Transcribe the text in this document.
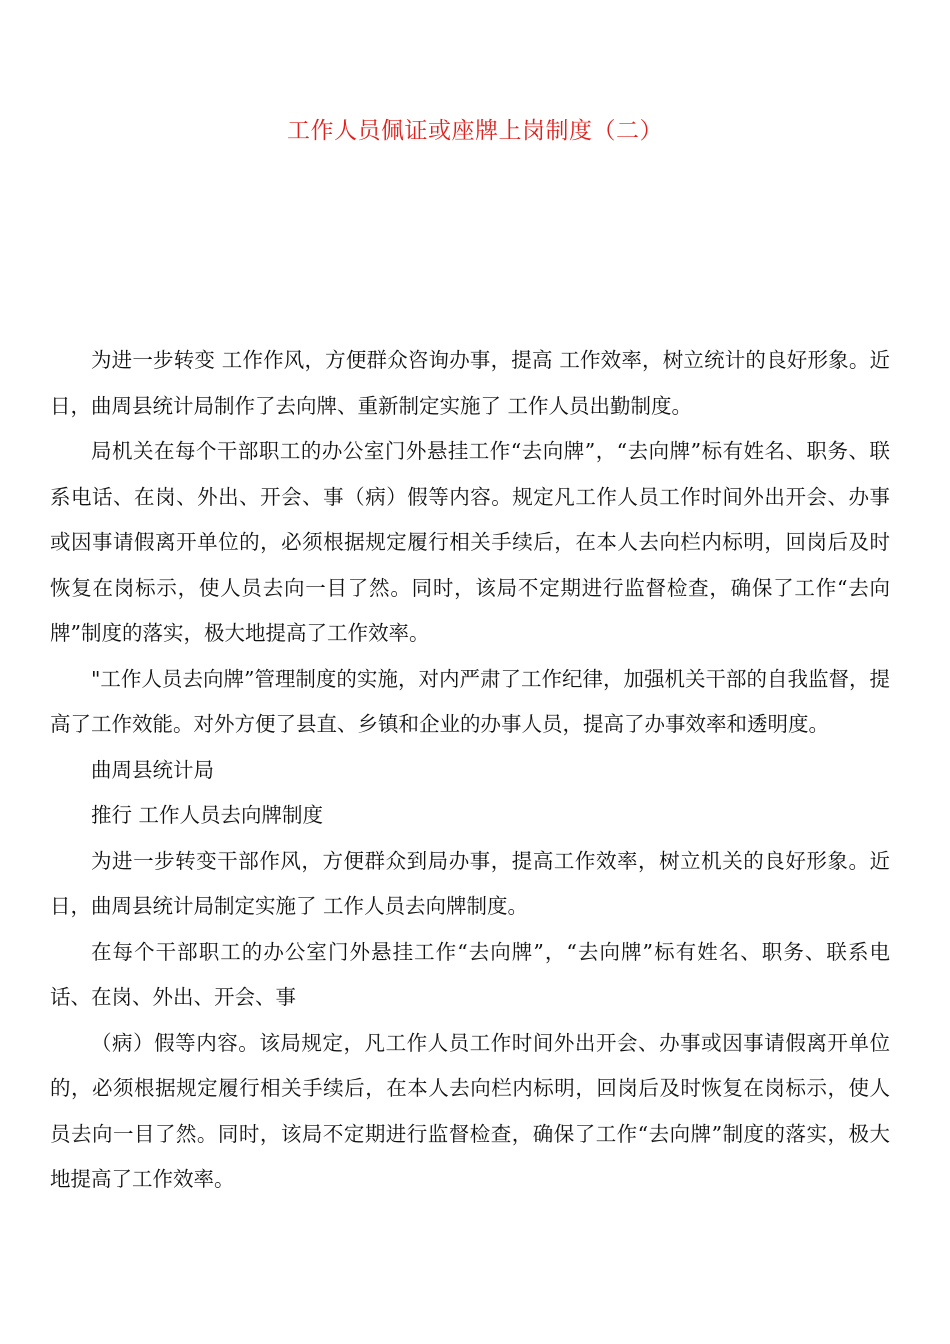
工作人员佩证或座牌上岗制度（二）

为进一步转变 工作作风，方便群众咨询办事，提高 工作效率，树立统计的良好形象。近日，曲周县统计局制作了去向牌、重新制定实施了 工作人员出勤制度。

局机关在每个干部职工的办公室门外悬挂工作“去向牌”，“去向牌”标有姓名、职务、联系电话、在岗、外出、开会、事（病）假等内容。规定凡工作人员工作时间外出开会、办事或因事请假离开单位的，必须根据规定履行相关手续后，在本人去向栏内标明，回岗后及时恢复在岗标示，使人员去向一目了然。同时，该局不定期进行监督检查，确保了工作“去向牌”制度的落实，极大地提高了工作效率。

"工作人员去向牌”管理制度的实施，对内严肃了工作纪律，加强机关干部的自我监督，提高了工作效能。对外方便了县直、乡镇和企业的办事人员，提高了办事效率和透明度。

曲周县统计局

推行 工作人员去向牌制度

为进一步转变干部作风，方便群众到局办事，提高工作效率，树立机关的良好形象。近日，曲周县统计局制定实施了 工作人员去向牌制度。

在每个干部职工的办公室门外悬挂工作“去向牌”，“去向牌”标有姓名、职务、联系电话、在岗、外出、开会、事

（病）假等内容。该局规定，凡工作人员工作时间外出开会、办事或因事请假离开单位的，必须根据规定履行相关手续后，在本人去向栏内标明，回岗后及时恢复在岗标示，使人员去向一目了然。同时，该局不定期进行监督检查，确保了工作“去向牌”制度的落实，极大地提高了工作效率。
